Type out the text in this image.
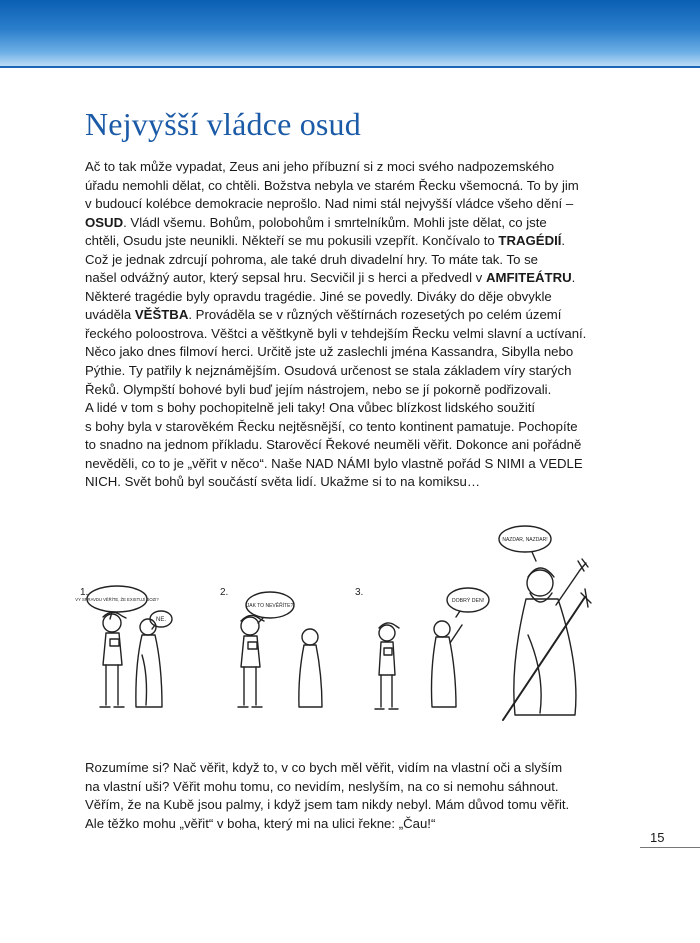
Nejvyšší vládce osud
Ač to tak může vypadat, Zeus ani jeho příbuzní si z moci svého nadpozemského
úřadu nemohli dělat, co chtěli. Božstva nebyla ve starém Řecku všemocná. To by jim
v budoucí kolébce demokracie neprošlo. Nad nimi stál nejvyšší vládce všeho dění –
OSUD. Vládl všemu. Bohům, polobohům i smrtelníkům. Mohli jste dělat, co jste
chtěli, Osudu jste neunikli. Někteří se mu pokusili vzepřít. Končívalo to TRAGÉDIÍ.
Což je jednak zdrcují pohroma, ale také druh divadelní hry. To máte tak. To se
našel odvážný autor, který sepsal hru. Secvičil ji s herci a předvedl v AMFITEÁTRU.
Některé tragédie byly opravdu tragédie. Jiné se povedly. Diváky do děje obvykle
uváděla VĚŠTBA. Prováděla se v různých věštírnách rozesetých po celém území
řeckého poloostrova. Věštci a věštkyně byli v tehdejším Řecku velmi slavní a uctívaní.
Něco jako dnes filmoví herci. Určitě jste už zaslechli jména Kassandra, Sibylla nebo
Pýthie. Ty patřily k nejznámějším. Osudová určenost se stala základem víry starých
Řeků. Olympští bohové byli buď jejím nástrojem, nebo se jí pokorně podřizovali.
A lidé v tom s bohy pochopitelně jeli taky! Ona vůbec blízkost lidského soužití
s bohy byla v starověkém Řecku nejtěsnější, co tento kontinent pamatuje. Pochopíte
to snadno na jednom příkladu. Starověcí Řekové neuměli věřit. Dokonce ani pořádně
nevěděli, co to je „věřit v něco“. Naše NAD NÁMI bylo vlastně pořád S NIMI a VEDLE
NICH. Svět bohů byl součástí světa lidí. Ukažme si to na komiksu…
1.
VY SPRAVDU VĚŘÍTE, ŽE EXISTUJÍ BOZI?
NE.
2.
JAK TO NEVĚŘÍTE?
3.
DOBRÝ DEN!
NAZDAR, NAZDAR!
Rozumíme si? Nač věřit, když to, v co bych měl věřit, vidím na vlastní oči a slyším
na vlastní uši? Věřit mohu tomu, co nevidím, neslyším, na co si nemohu sáhnout.
Věřím, že na Kubě jsou palmy, i když jsem tam nikdy nebyl. Mám důvod tomu věřit.
Ale těžko mohu „věřit“ v boha, který mi na ulici řekne: „Čau!“
15
